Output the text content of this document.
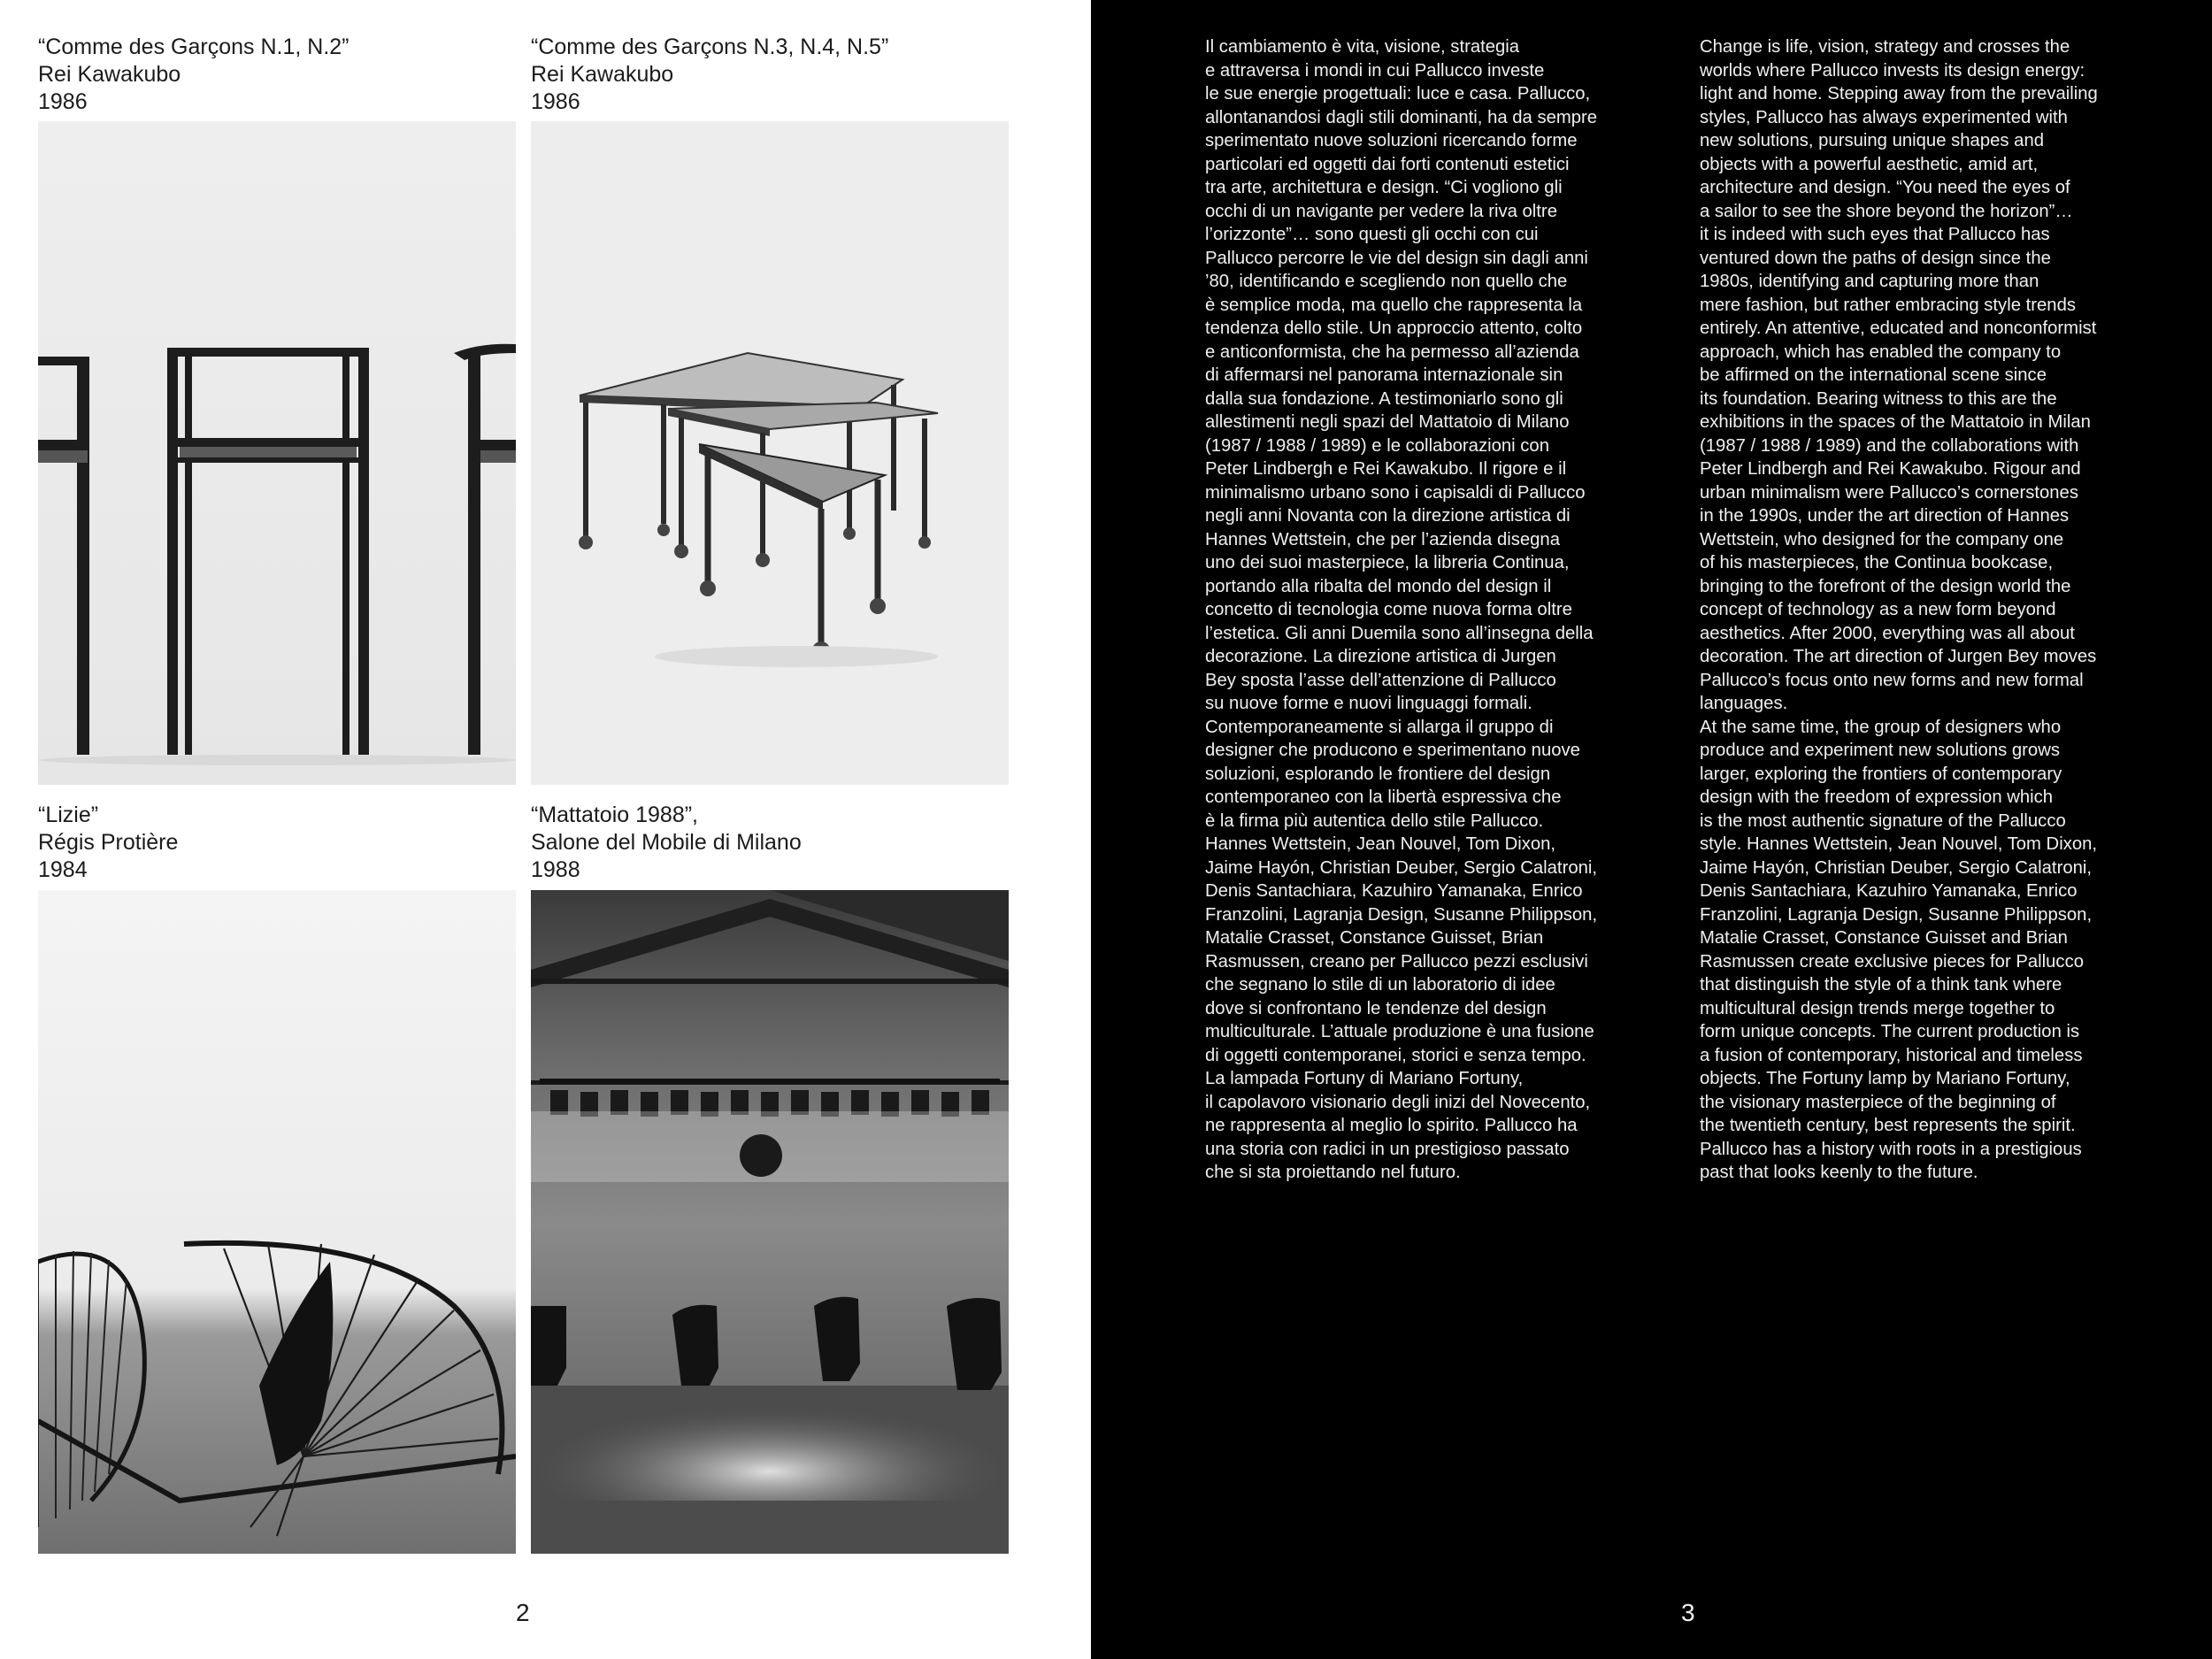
“Comme des Garçons N.1, N.2”
Rei Kawakubo
1986
“Comme des Garçons N.3, N.4, N.5”
Rei Kawakubo
1986
“Lizie”
Régis Protière
1984
“Mattatoio 1988”,
Salone del Mobile di Milano
1988
2
Il cambiamento è vita, visione, strategia
e attraversa i mondi in cui Pallucco investe
le sue energie progettuali: luce e casa. Pallucco,
allontanandosi dagli stili dominanti, ha da sempre
sperimentato nuove soluzioni ricercando forme
particolari ed oggetti dai forti contenuti estetici
tra arte, architettura e design. “Ci vogliono gli
occhi di un navigante per vedere la riva oltre
l’orizzonte”… sono questi gli occhi con cui
Pallucco percorre le vie del design sin dagli anni
’80, identificando e scegliendo non quello che
è semplice moda, ma quello che rappresenta la
tendenza dello stile. Un approccio attento, colto
e anticonformista, che ha permesso all’azienda
di affermarsi nel panorama internazionale sin
dalla sua fondazione. A testimoniarlo sono gli
allestimenti negli spazi del Mattatoio di Milano
(1987 / 1988 / 1989) e le collaborazioni con
Peter Lindbergh e Rei Kawakubo. Il rigore e il
minimalismo urbano sono i capisaldi di Pallucco
negli anni Novanta con la direzione artistica di
Hannes Wettstein, che per l’azienda disegna
uno dei suoi masterpiece, la libreria Continua,
portando alla ribalta del mondo del design il
concetto di tecnologia come nuova forma oltre
l’estetica. Gli anni Duemila sono all’insegna della
decorazione. La direzione artistica di Jurgen
Bey sposta l’asse dell’attenzione di Pallucco
su nuove forme e nuovi linguaggi formali.
Contemporaneamente si allarga il gruppo di
designer che producono e sperimentano nuove
soluzioni, esplorando le frontiere del design
contemporaneo con la libertà espressiva che
è la firma più autentica dello stile Pallucco.
Hannes Wettstein, Jean Nouvel, Tom Dixon,
Jaime Hayón, Christian Deuber, Sergio Calatroni,
Denis Santachiara, Kazuhiro Yamanaka, Enrico
Franzolini, Lagranja Design, Susanne Philippson,
Matalie Crasset, Constance Guisset, Brian
Rasmussen, creano per Pallucco pezzi esclusivi
che segnano lo stile di un laboratorio di idee
dove si confrontano le tendenze del design
multiculturale. L’attuale produzione è una fusione
di oggetti contemporanei, storici e senza tempo.
La lampada Fortuny di Mariano Fortuny,
il capolavoro visionario degli inizi del Novecento,
ne rappresenta al meglio lo spirito. Pallucco ha
una storia con radici in un prestigioso passato
che si sta proiettando nel futuro.
Change is life, vision, strategy and crosses the
worlds where Pallucco invests its design energy:
light and home. Stepping away from the prevailing
styles, Pallucco has always experimented with
new solutions, pursuing unique shapes and
objects with a powerful aesthetic, amid art,
architecture and design. “You need the eyes of
a sailor to see the shore beyond the horizon”…
it is indeed with such eyes that Pallucco has
ventured down the paths of design since the
1980s, identifying and capturing more than
mere fashion, but rather embracing style trends
entirely. An attentive, educated and nonconformist
approach, which has enabled the company to
be affirmed on the international scene since
its foundation. Bearing witness to this are the
exhibitions in the spaces of the Mattatoio in Milan
(1987 / 1988 / 1989) and the collaborations with
Peter Lindbergh and Rei Kawakubo. Rigour and
urban minimalism were Pallucco’s cornerstones
in the 1990s, under the art direction of Hannes
Wettstein, who designed for the company one
of his masterpieces, the Continua bookcase,
bringing to the forefront of the design world the
concept of technology as a new form beyond
aesthetics. After 2000, everything was all about
decoration. The art direction of Jurgen Bey moves
Pallucco’s focus onto new forms and new formal
languages.
At the same time, the group of designers who
produce and experiment new solutions grows
larger, exploring the frontiers of contemporary
design with the freedom of expression which
is the most authentic signature of the Pallucco
style. Hannes Wettstein, Jean Nouvel, Tom Dixon,
Jaime Hayón, Christian Deuber, Sergio Calatroni,
Denis Santachiara, Kazuhiro Yamanaka, Enrico
Franzolini, Lagranja Design, Susanne Philippson,
Matalie Crasset, Constance Guisset and Brian
Rasmussen create exclusive pieces for Pallucco
that distinguish the style of a think tank where
multicultural design trends merge together to
form unique concepts. The current production is
a fusion of contemporary, historical and timeless
objects. The Fortuny lamp by Mariano Fortuny,
the visionary masterpiece of the beginning of
the twentieth century, best represents the spirit.
Pallucco has a history with roots in a prestigious
past that looks keenly to the future.
3
